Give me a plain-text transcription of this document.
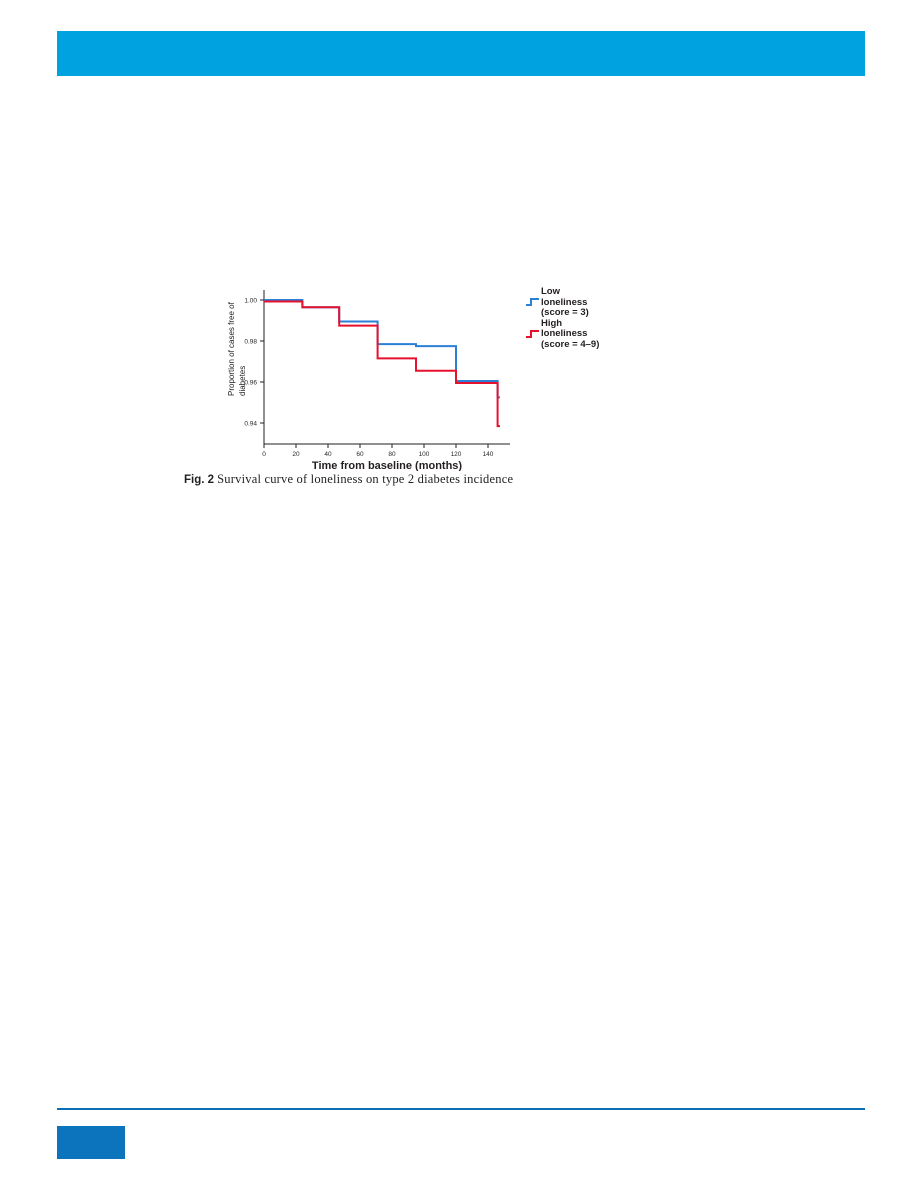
0.94
0.96
0.98
1.00
0	20	40	60	80	100	120	140
Proportion of cases free of diabetes
Time from baseline (months)
Low
loneliness
(score = 3)
High
loneliness
(score = 4–9)
Fig. 2 Survival curve of loneliness on type 2 diabetes incidence
